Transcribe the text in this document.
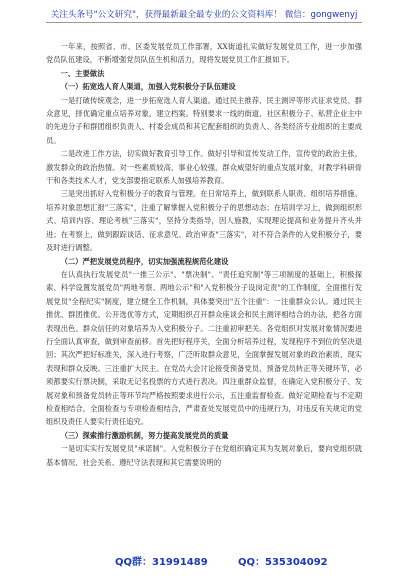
关注头条号"公文研究"，获得最新最全最专业的公文资料库！ 微信：gongwenyj

一年来，按照省、市、区委发展党员工作部署，XX街道扎实做好发展党员工作，进一步加强党员队伍建设，不断增强党员队伍生机和活力，现将发展党员工作汇报如下。

一、主要做法

（一）拓宽选人育人渠道，加强入党积极分子队伍建设

一是打破传统观念，进一步拓宽选人育人渠道。通过民主推荐、民主测评等形式征求党员、群众意见，择优确定重点培养对象，建立档案。特别要求一线的街道、社区积极分子、私营企业主中的先进分子和群团组织负责人、村委会成员和其它配套组织的负责人、各类经济专业组织的主要成员。

二是改进工作方法，切实做好教育引导工作。做好引导和宣传发动工作，宣传党的政治主张，激发群众的政治热情。对一些素质较高、事业心较强、群众威望好的重点发展对象，对教学科研骨干和各类技术人才，党支部要指定联系人加强培养教育。

三是突出抓好入党积极分子的教育与管理。在日常培养上，做到联系人职责、组织培养措施、培养对象思想汇报"三落实"，注重了解掌握入党积极分子的思想动态；在培训学习上，做到组织形式、培训内容、理论考核"三落实"，坚持分类指导，因人施教，实现理论提高和业务提升齐头并进；在考察上，做到跟踪谈话、征求意见、政治审查"三落实"，对不符合条件的入党积极分子，要及时进行调整。

（二）严把发展党员程序，切实加强流程规范化建设

在认真执行发展党员"一推三公示"、"票决制"、"责任追究制"等三项制度的基础上，积极探索、科学设置发展党员"两地考察、两地公示"和"入党积极分子设岗定责"的工作制度，全面推行发展党员"全程纪实"制度，建立健全工作机制，具体要突出"五个注重"：一注重群众公认。通过民主推优、群团推优、公开选优等方式，定期组织召开群众座谈会和民主测评相结合的办法，把各方面表现出色、群众信任的对象培养为入党积极分子。二注重初审把关。各党组织对发展对象情况要进行全面认真审查，做到审查前移。首先把好程序关，全面分析培养过程，发现程序不到位的坚决退回；其次严把好标准关，深入进行考察，广泛听取群众意见，全面掌握发展对象的政治素质、现实表现和群众反映。三注重扩大民主。在党员大会讨论接受预备党员、预备党员转正等关键环节，必须都要实行票决制，采取无记名投票的方式进行表决。四注重群众监督，在确定入党积极分子、发展对象和预备党员转正等环节均严格按照要求进行公示，五注重监督检查。做好定期检查与不定期检查相结合，全面检查与专项检查相结合，严肃查处发展党员中的违规行为，对违反有关规定的党组织及责任人要实行责任追究。

（三）探索推行激励机制，努力提高发展党员的质量

一是切实实行发展党员"承诺制"。入党积极分子在党组织确定其为发展对象后，要向党组织就基本情况、社会关系、遵纪守法表现和其它需要说明的

QQ群：31991489	QQ：535304092
